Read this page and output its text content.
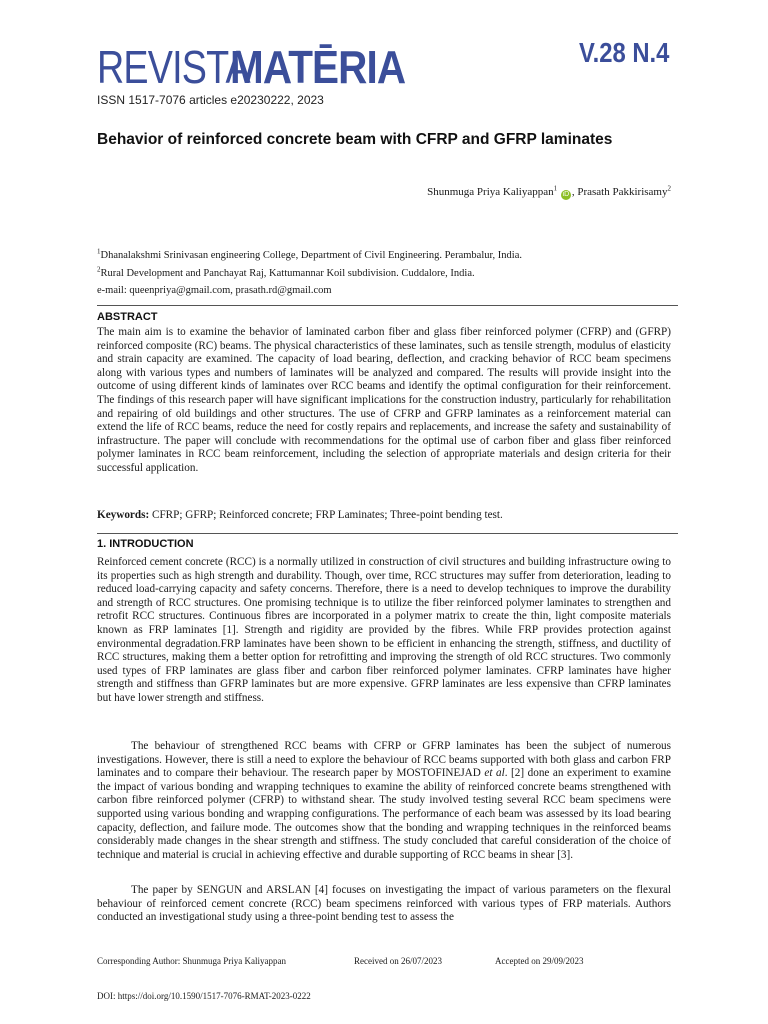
REVISTAMATĒRIA	V.28 N.4
ISSN 1517-7076 articles e20230222, 2023
Behavior of reinforced concrete beam with CFRP and GFRP laminates
Shunmuga Priya Kaliyappan$^1$ iD , Prasath Pakkirisamy$^2$
$^1$Dhanalakshmi Srinivasan engineering College, Department of Civil Engineering. Perambalur, India.
$^2$Rural Development and Panchayat Raj, Kattumannar Koil subdivision. Cuddalore, India.
e-mail: queenpriya@gmail.com, prasath.rd@gmail.com
ABSTRACT

The main aim is to examine the behavior of laminated carbon fiber and glass fiber reinforced polymer (CFRP) and (GFRP) reinforced composite (RC) beams. The physical characteristics of these laminates, such as tensile strength, modulus of elasticity and strain capacity are examined. The capacity of load bearing, deflection, and cracking behavior of RCC beam specimens along with various types and numbers of laminates will be analyzed and compared. The results will provide insight into the outcome of using different kinds of laminates over RCC beams and identify the optimal configuration for their reinforcement. The findings of this research paper will have significant implications for the construction industry, particularly for rehabilitation and repairing of old buildings and other structures. The use of CFRP and GFRP laminates as a reinforcement material can extend the life of RCC beams, reduce the need for costly repairs and replacements, and increase the safety and sustainability of infrastructure. The paper will conclude with recommendations for the optimal use of carbon fiber and glass fiber reinforced polymer laminates in RCC beam reinforcement, including the selection of appropriate materials and design criteria for their successful application.

Keywords: CFRP; GFRP; Reinforced concrete; FRP Laminates; Three-point bending test.
1. INTRODUCTION

Reinforced cement concrete (RCC) is a normally utilized in construction of civil structures and building infrastructure owing to its properties such as high strength and durability. Though, over time, RCC structures may suffer from deterioration, leading to reduced load-carrying capacity and safety concerns. Therefore, there is a need to develop techniques to improve the durability and strength of RCC structures. One promising technique is to utilize the fiber reinforced polymer laminates to strengthen and retrofit RCC structures. Continuous fibres are incorporated in a polymer matrix to create the thin, light composite materials known as FRP laminates [1]. Strength and rigidity are provided by the fibres. While FRP provides protection against environmental degradation.FRP laminates have been shown to be efficient in enhancing the strength, stiffness, and ductility of RCC structures, making them a better option for retrofitting and improving the strength of old RCC structures. Two commonly used types of FRP laminates are glass fiber and carbon fiber reinforced polymer laminates. CFRP laminates have higher strength and stiffness than GFRP laminates but are more expensive. GFRP laminates are less expensive than CFRP laminates but have lower strength and stiffness.

The behaviour of strengthened RCC beams with CFRP or GFRP laminates has been the subject of numerous investigations. However, there is still a need to explore the behaviour of RCC beams supported with both glass and carbon FRP laminates and to compare their behaviour. The research paper by MOSTOFINEJAD et al. [2] done an experiment to examine the impact of various bonding and wrapping techniques to examine the ability of reinforced concrete beams strengthened with carbon fibre reinforced polymer (CFRP) to withstand shear. The study involved testing several RCC beam specimens were supported using various bonding and wrapping configurations. The performance of each beam was assessed by its load bearing capacity, deflection, and failure mode. The outcomes show that the bonding and wrapping techniques in the reinforced beams considerably made changes in the shear strength and stiffness. The study concluded that careful consideration of the choice of technique and material is crucial in achieving effective and durable supporting of RCC beams in shear [3].

The paper by SENGUN and ARSLAN [4] focuses on investigating the impact of various parameters on the flexural behaviour of reinforced cement concrete (RCC) beam specimens reinforced with various types of FRP materials. Authors conducted an investigational study using a three-point bending test to assess the

Corresponding Author: Shunmuga Priya Kaliyappan	Received on 26/07/2023	Accepted on 29/09/2023
DOI: https://doi.org/10.1590/1517-7076-RMAT-2023-0222
